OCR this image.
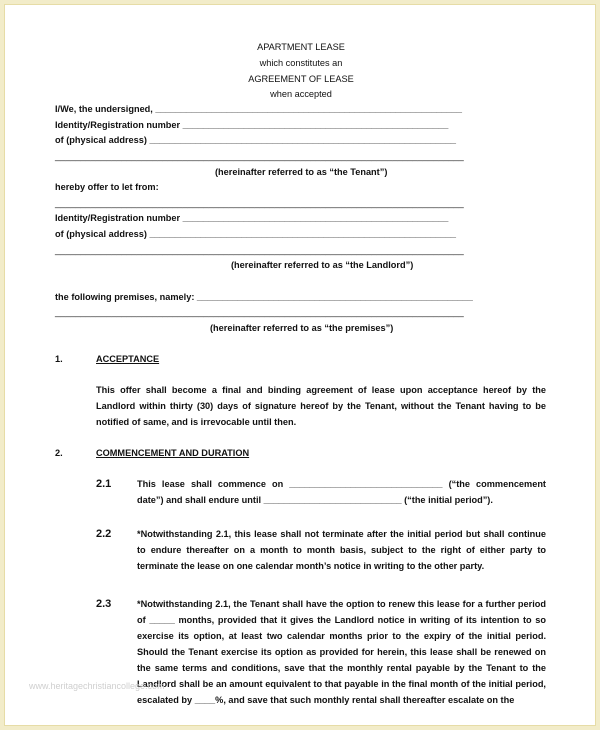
APARTMENT LEASE
which constitutes an
AGREEMENT OF LEASE
when accepted
I/We, the undersigned, ____________________________________________________________
Identity/Registration number ____________________________________________________
of (physical address) ____________________________________________________________
________________________________________________________________________________
(hereinafter referred to as “the Tenant”)
hereby offer to let from:
________________________________________________________________________________
Identity/Registration number ____________________________________________________
of (physical address) ____________________________________________________________
________________________________________________________________________________
(hereinafter referred to as “the Landlord”)
the following premises, namely: ______________________________________________________
________________________________________________________________________________
(hereinafter referred to as “the premises”)
1.	ACCEPTANCE
This offer shall become a final and binding agreement of lease upon acceptance hereof by the Landlord within thirty (30) days of signature hereof by the Tenant, without the Tenant having to be notified of same, and is irrevocable until then.
2.	COMMENCEMENT AND DURATION
2.1	This lease shall commence on ______________________________ (“the commencement date”) and shall endure until ___________________________ (“the initial period”).
2.2	*Notwithstanding 2.1, this lease shall not terminate after the initial period but shall continue to endure thereafter on a month to month basis, subject to the right of either party to terminate the lease on one calendar month’s notice in writing to the other party.
2.3	*Notwithstanding 2.1, the Tenant shall have the option to renew this lease for a further period of _____ months, provided that it gives the Landlord notice in writing of its intention to so exercise its option, at least two calendar months prior to the expiry of the initial period. Should the Tenant exercise its option as provided for herein, this lease shall be renewed on the same terms and conditions, save that the monthly rental payable by the Tenant to the Landlord shall be an amount equivalent to that payable in the final month of the initial period, escalated by ____%, and save that such monthly rental shall thereafter escalate on the
www.heritagechristiancollege.com
